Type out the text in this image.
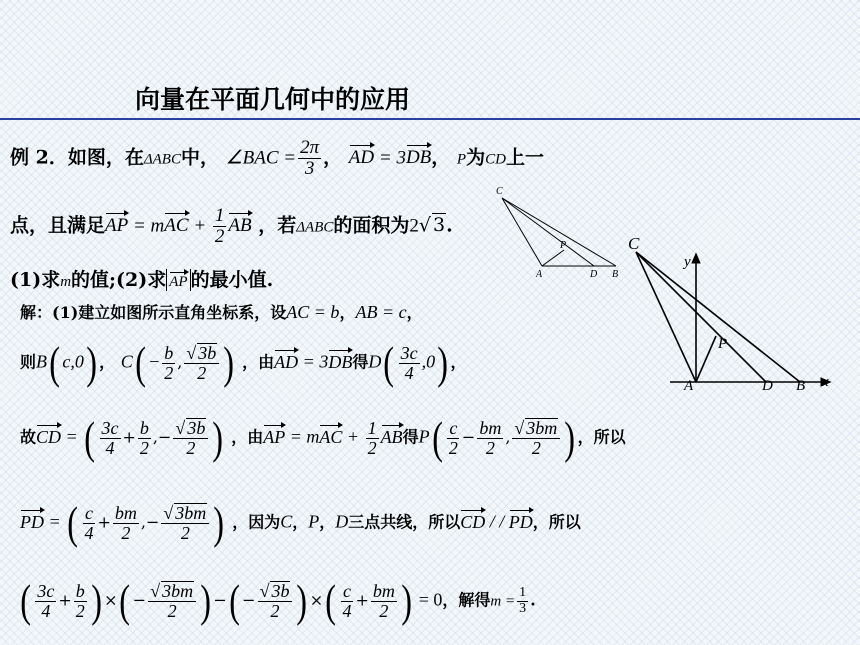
向量在平面几何中的应用
例 2．如图，在ΔABC中， ∠BAC = $\frac{2\pi}{3}$ ， AD = 3DB， P为CD上一
点，且满足AP = mAC + $\frac{1}{2}$ AB ，若ΔABC的面积为2√ 3.
(1)求m的值;(2)求 AP 的最小值.
解：(1)建立如图所示直角坐标系，设AC = b，AB = c，
则B( c,0) ， $C( - \frac{b}{2}$ , $\frac{√ 3b}{2}$ ) ，由AD = 3DB得$D( \frac{3c}{4} ,0)$ ，
故CD = ( $\frac{3c}{4} + \frac{b}{2}$ ,− $\frac{√ 3b}{2}$ ) ，由AP = mAC + $\frac{1}{2}$ AB得$P( \frac{c}{2} - \frac{bm}{2}$ , $\frac{√ 3bm}{2}$ ) ，所以
PD = ( $\frac{c}{4} + \frac{bm}{2}$ ,− $\frac{√ 3bm}{2}$ ) ，因为C，P，D三点共线，所以CD / / PD，所以
( $\frac{3c}{4} + \frac{b}{2}$ ) ×( − $\frac{√ 3bm}{2}$ ) −( − $\frac{√ 3b}{2}$ ) ×( $\frac{c}{4} + \frac{bm}{2}$ ) = 0，解得$m = \frac{1}{3}$ .
C
P
A	D B
C
y
P
A	D B x
